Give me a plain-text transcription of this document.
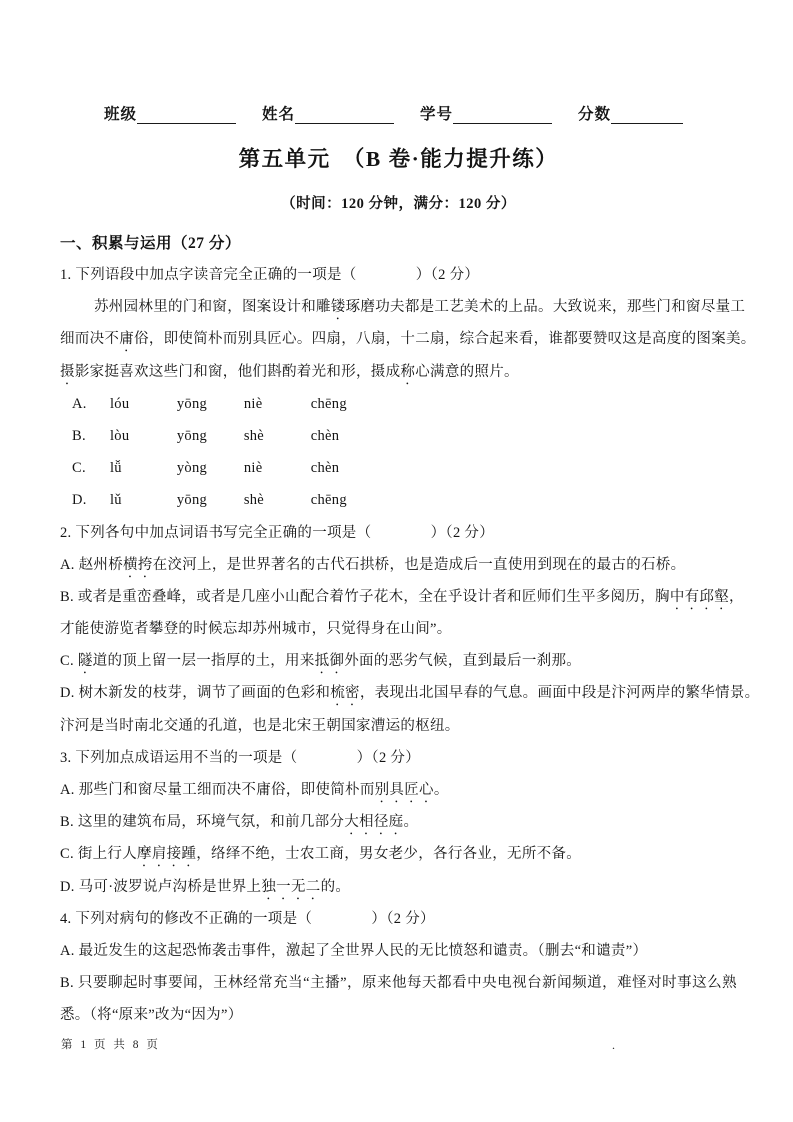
班级	姓名	学号	分数
第五单元　（B 卷·能力提升练）
（时间：120 分钟，满分：120 分）
一、积累与运用（27 分）
1. 下列语段中加点字读音完全正确的一项是（　　　　）（2 分）
苏州园林里的门和窗，图案设计和雕镂琢磨功夫都是工艺美术的上品。大致说来，那些门和窗尽量工
细而决不庸俗，即使简朴而别具匠心。四扇，八扇，十二扇，综合起来看，谁都要赞叹这是高度的图案美。
摄影家挺喜欢这些门和窗，他们斟酌着光和形，摄成称心满意的照片。
A. lóu	yōng	niè	chēng
B. lòu	yōng	shè	chèn
C. lǚ	yòng	niè	chèn
D. lǔ	yōng	shè	chēng
2. 下列各句中加点词语书写完全正确的一项是（　　　　）（2 分）
A. 赵州桥横挎在洨河上，是世界著名的古代石拱桥，也是造成后一直使用到现在的最古的石桥。
B. 或者是重峦叠峰，或者是几座小山配合着竹子花木，全在乎设计者和匠师们生平多阅历，胸中有邱壑，
才能使游览者攀登的时候忘却苏州城市，只觉得身在山间”。
C. 隧道的顶上留一层一指厚的土，用来抵御外面的恶劣气候，直到最后一刹那。
D. 树木新发的枝芽，调节了画面的色彩和梳密，表现出北国早春的气息。画面中段是汴河两岸的繁华情景。
汴河是当时南北交通的孔道，也是北宋王朝国家漕运的枢纽。
3. 下列加点成语运用不当的一项是（　　　　）（2 分）
A. 那些门和窗尽量工细而决不庸俗，即使简朴而别具匠心。
B. 这里的建筑布局，环境气氛，和前几部分大相径庭。
C. 街上行人摩肩接踵，络绎不绝，士农工商，男女老少，各行各业，无所不备。
D. 马可·波罗说卢沟桥是世界上独一无二的。
4. 下列对病句的修改不正确的一项是（　　　　）（2 分）
A. 最近发生的这起恐怖袭击事件，激起了全世界人民的无比愤怒和谴责。（删去“和谴责”）
B. 只要聊起时事要闻，王林经常充当“主播”，原来他每天都看中央电视台新闻频道，难怪对时事这么熟
悉。（将“原来”改为“因为”）
第 1 页 共 8 页	.
